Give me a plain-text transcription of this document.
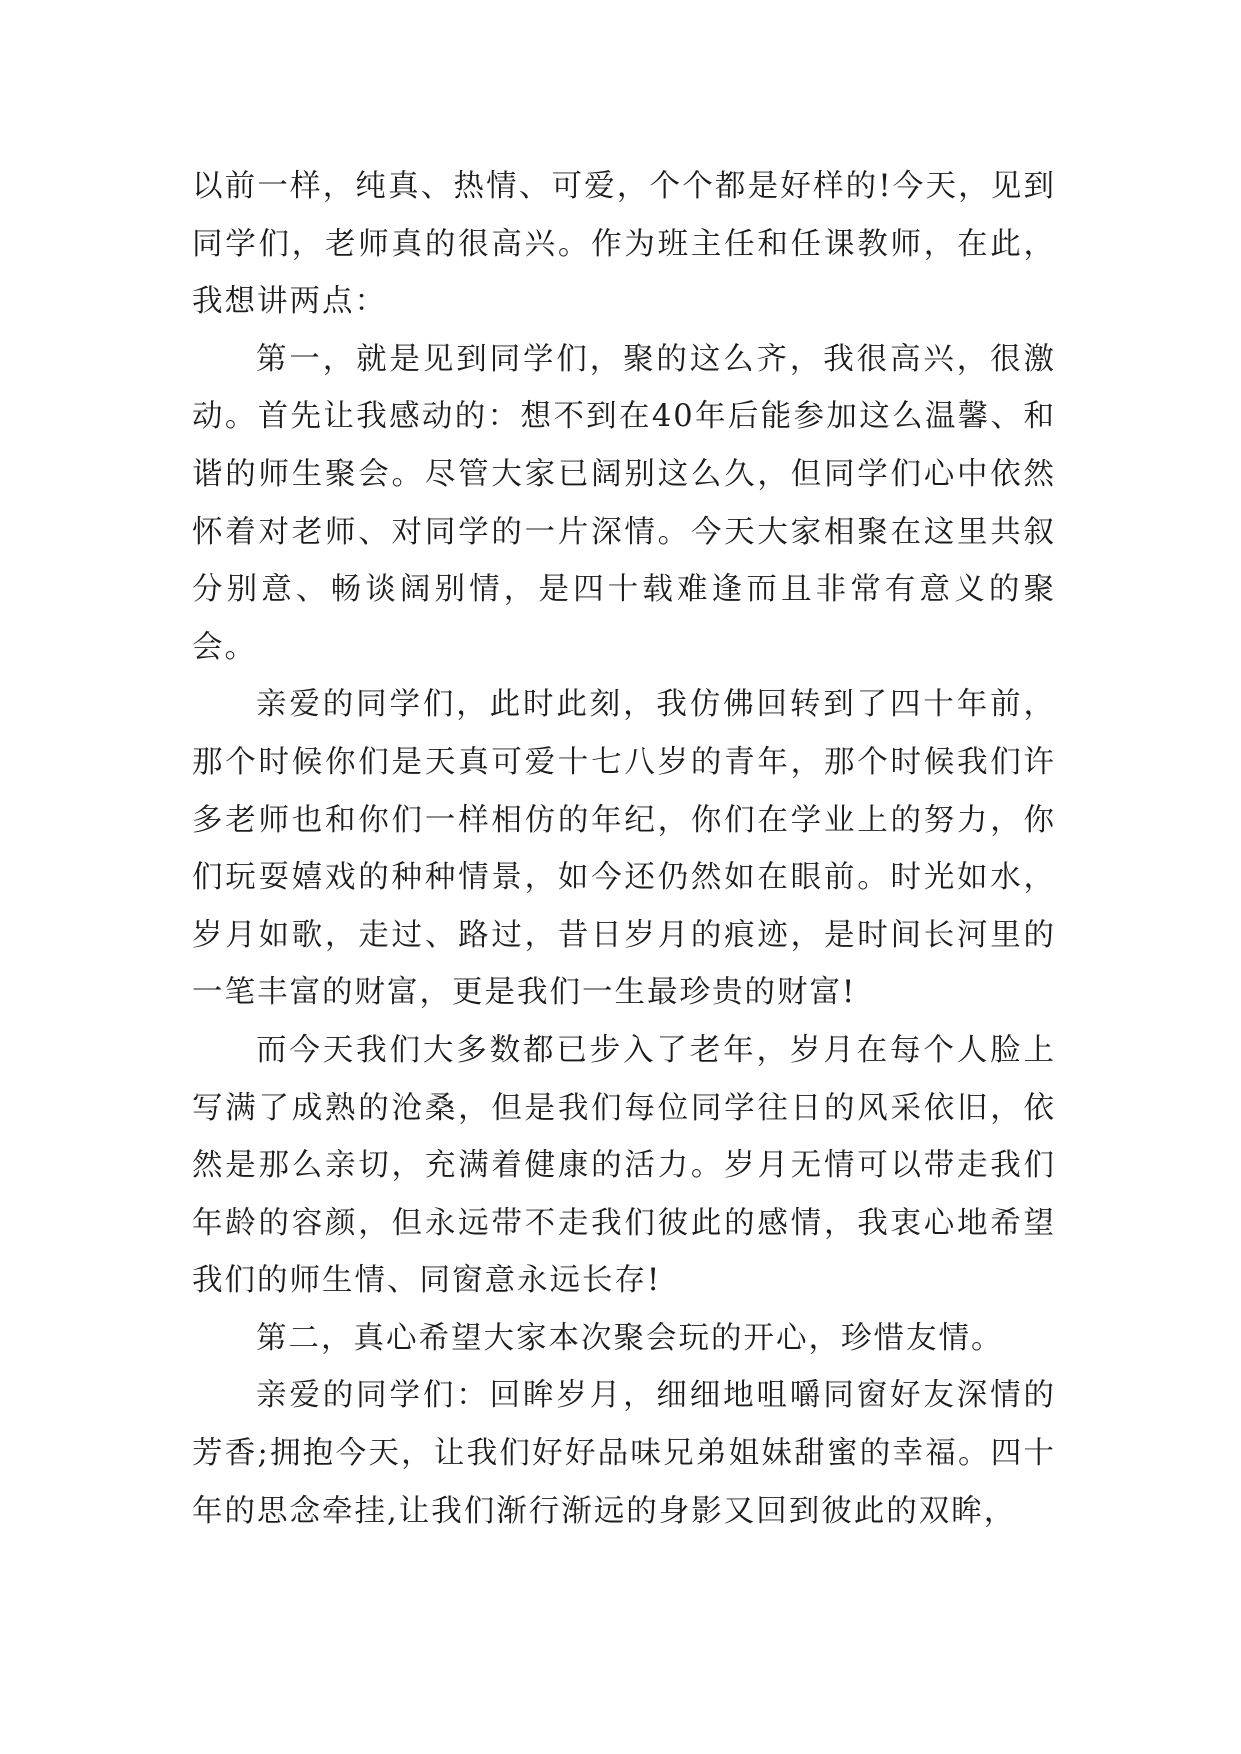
以前一样，纯真、热情、可爱，个个都是好样的!今天，见到同学们，老师真的很高兴。作为班主任和任课教师，在此，我想讲两点：

第一，就是见到同学们，聚的这么齐，我很高兴，很激动。首先让我感动的：想不到在40年后能参加这么温馨、和谐的师生聚会。尽管大家已阔别这么久，但同学们心中依然怀着对老师、对同学的一片深情。今天大家相聚在这里共叙分别意、畅谈阔别情，是四十载难逢而且非常有意义的聚会。

亲爱的同学们，此时此刻，我仿佛回转到了四十年前，那个时候你们是天真可爱十七八岁的青年，那个时候我们许多老师也和你们一样相仿的年纪，你们在学业上的努力，你们玩耍嬉戏的种种情景，如今还仍然如在眼前。时光如水，岁月如歌，走过、路过，昔日岁月的痕迹，是时间长河里的一笔丰富的财富，更是我们一生最珍贵的财富!

而今天我们大多数都已步入了老年，岁月在每个人脸上写满了成熟的沧桑，但是我们每位同学往日的风采依旧，依然是那么亲切，充满着健康的活力。岁月无情可以带走我们年龄的容颜，但永远带不走我们彼此的感情，我衷心地希望我们的师生情、同窗意永远长存!

第二，真心希望大家本次聚会玩的开心，珍惜友情。

亲爱的同学们：回眸岁月，细细地咀嚼同窗好友深情的芳香;拥抱今天，让我们好好品味兄弟姐妹甜蜜的幸福。四十年的思念牵挂,让我们渐行渐远的身影又回到彼此的双眸，
